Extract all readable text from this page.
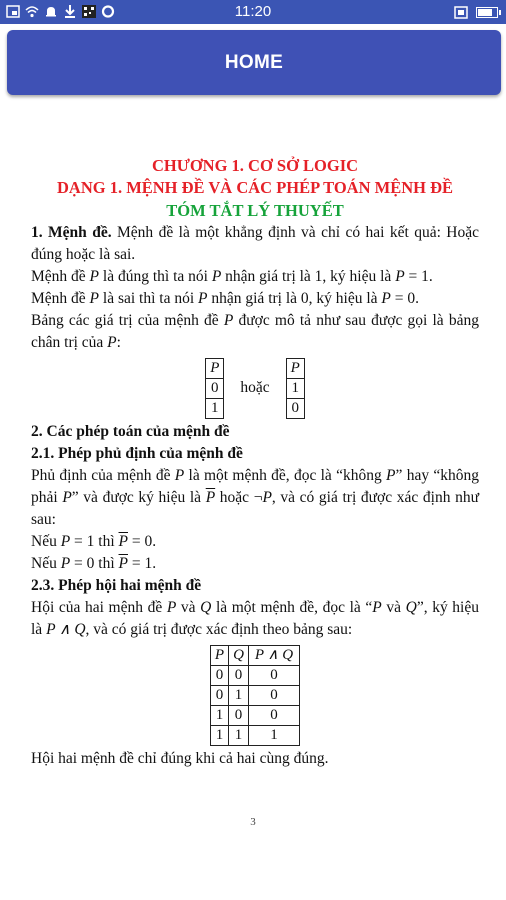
11:20
HOME
CHƯƠNG 1. CƠ SỞ LOGIC
DẠNG 1. MỆNH ĐỀ VÀ CÁC PHÉP TOÁN MỆNH ĐỀ
TÓM TẮT LÝ THUYẾT

1. Mệnh đề. Mệnh đề là một khẳng định và chỉ có hai kết quả: Hoặc đúng hoặc là sai.

Mệnh đề P là đúng thì ta nói P nhận giá trị là 1, ký hiệu là P = 1.

Mệnh đề P là sai thì ta nói P nhận giá trị là 0, ký hiệu là P = 0.

Bảng các giá trị của mệnh đề P được mô tả như sau được gọi là bảng chân trị của P:

P
0
1
hoặc
P
1
0

2. Các phép toán của mệnh đề

2.1. Phép phủ định của mệnh đề

Phủ định của mệnh đề P là một mệnh đề, đọc là “không P” hay “không phải P” và được ký hiệu là $\overline{P}$ hoặc ¬P, và có giá trị được xác định như sau:

Nếu P = 1 thì $\overline{P} = 0$.

Nếu P = 0 thì $\overline{P} = 1$.

2.3. Phép hội hai mệnh đề

Hội của hai mệnh đề P và Q là một mệnh đề, đọc là “P và Q”, ký hiệu là P ∧ Q, và có giá trị được xác định theo bảng sau:

P	Q	P ∧ Q
0	0	0
0	1	0
1	0	0
1	1	1

Hội hai mệnh đề chỉ đúng khi cả hai cùng đúng.

3
